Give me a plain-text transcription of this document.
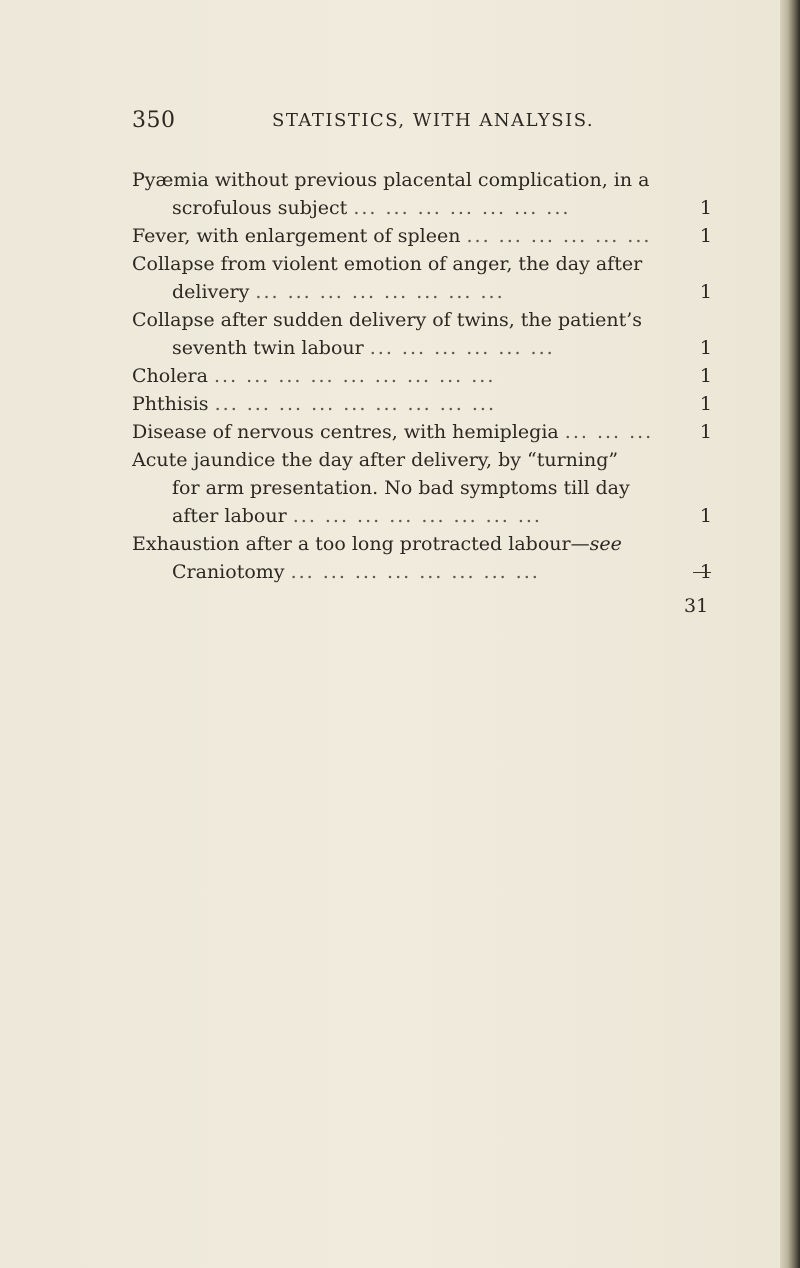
350	STATISTICS, WITH ANALYSIS.
Pyæmia without previous placental complication, in a
scrofulous subject ... ... ... ... ... ... ...	1
Fever, with enlargement of spleen ... ... ... ... ... ...	1
Collapse from violent emotion of anger, the day after
delivery ... ... ... ... ... ... ... ...	1
Collapse after sudden delivery of twins, the patient’s
seventh twin labour ... ... ... ... ... ...	1
Cholera ... ... ... ... ... ... ... ... ...	1
Phthisis ... ... ... ... ... ... ... ... ...	1
Disease of nervous centres, with hemiplegia ... ... ...	1
Acute jaundice the day after delivery, by “turning”
for arm presentation. No bad symptoms till day
after labour ... ... ... ... ... ... ... ...	1
Exhaustion after a too long protracted labour—see
Craniotomy ... ... ... ... ... ... ... ...	1
31
